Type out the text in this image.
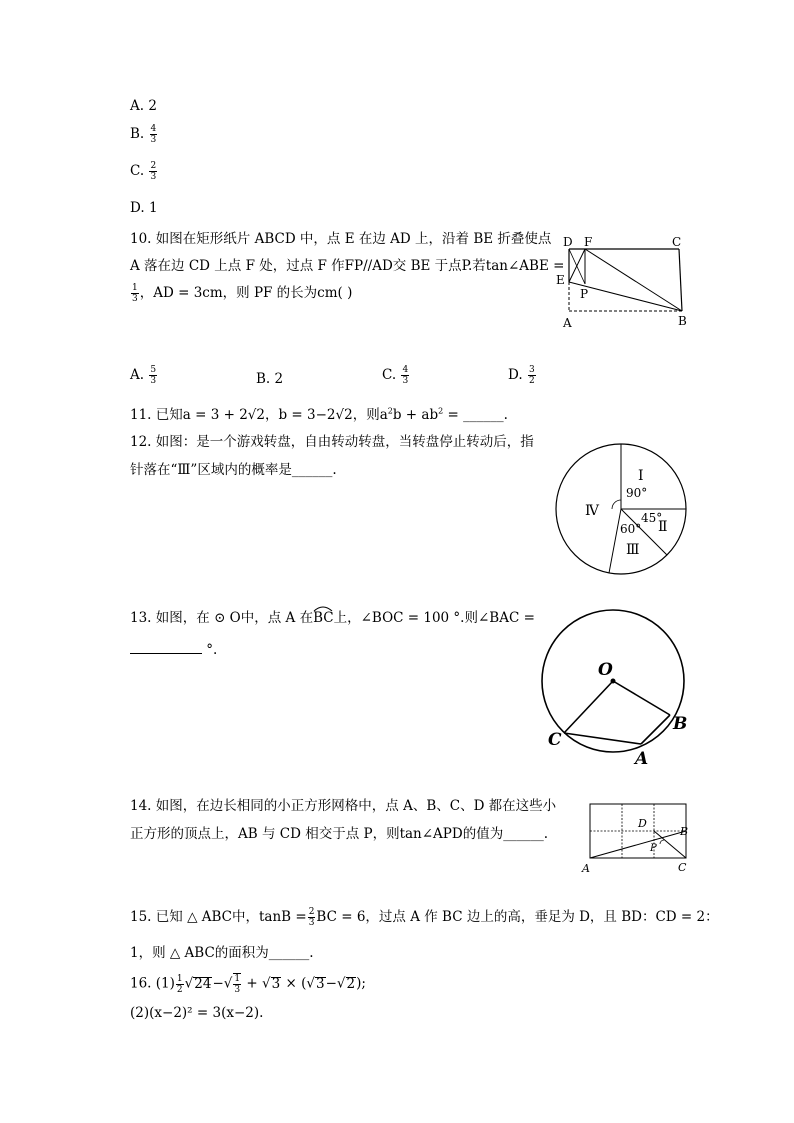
A. 2
B. $\frac{4}{3}$
C. $\frac{2}{3}$
D. 1
10. 如图在矩形纸片 ABCD 中，点 E 在边 AD 上，沿着 BE 折叠使点
A 落在边 CD 上点 F 处，过点 F 作FP//AD交 BE 于点P.若tan∠ABE =
$\frac{1}{3}$ ，AD = 3cm，则 PF 的长为cm( )
D F	C
E
P
A	B
A. $\frac{5}{3}$	B. 2	C. $\frac{4}{3}$	D. $\frac{3}{2}$
11. 已知a = 3 + 2√2，b = 3−2√2，则$a^2b + ab^2$ = ______.
12. 如图：是一个游戏转盘，自由转动转盘，当转盘停止转动后，指
针落在“Ⅲ”区域内的概率是______.	Ⅰ
90°
45°
Ⅱ
60°
Ⅲ
Ⅳ
13. 如图，在 ⊙ O中，点 A 在BC
上，∠BOC = 100 °.则∠BAC =
°.
O
B
C
A
14. 如图，在边长相同的小正方形网格中，点 A、B、C、D 都在这些小
正方形的顶点上，AB 与 CD 相交于点 P，则tan∠APD的值为______.
D
B
P
A	C
15. 已知 △ ABC中，$\tan B = \frac{2}{3}$ BC = 6，过点 A 作 BC 边上的高，垂足为 D，且 BD：CD = 2：
1，则 △ ABC的面积为______.
16. $(1) \frac{1}{2} √24-√ \frac{1}{3} + √3 \times (√3-√2)$;
(2)(x−2)² = 3(x−2).
